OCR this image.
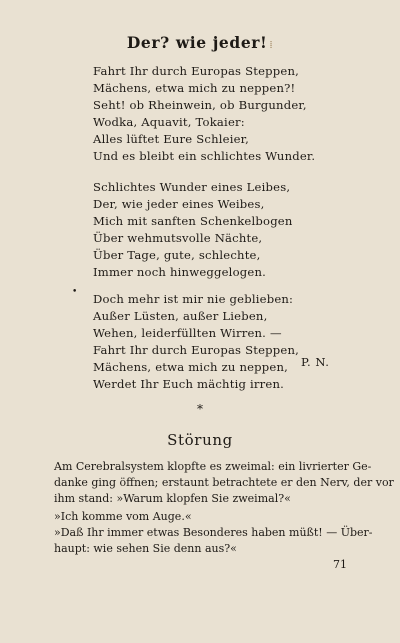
Der? wie jeder! ⁞
Fahrt Ihr durch Europas Steppen,
Mächens, etwa mich zu neppen?!
Seht! ob Rheinwein, ob Burgunder,
Wodka, Aquavit, Tokaier:
Alles lüftet Eure Schleier,
Und es bleibt ein schlichtes Wunder.
Schlichtes Wunder eines Leibes,
Der, wie jeder eines Weibes,
Mich mit sanften Schenkelbogen
Über wehmutsvolle Nächte,
Über Tage, gute, schlechte,
Immer noch hinweggelogen.
• Doch mehr ist mir nie geblieben:
Außer Lüsten, außer Lieben,
Wehen, leiderfüllten Wirren. —
Fahrt Ihr durch Europas Steppen,
Mächens, etwa mich zu neppen,
Werdet Ihr Euch mächtig irren.
P. N.
*
Störung
Am Cerebralsystem klopfte es zweimal: ein livrierter Ge-
danke ging öffnen; erstaunt betrachtete er den Nerv, der vor
ihm stand: »Warum klopfen Sie zweimal?«
»Ich komme vom Auge.«
»Daß Ihr immer etwas Besonderes haben müßt! — Über-
haupt: wie sehen Sie denn aus?«
71
